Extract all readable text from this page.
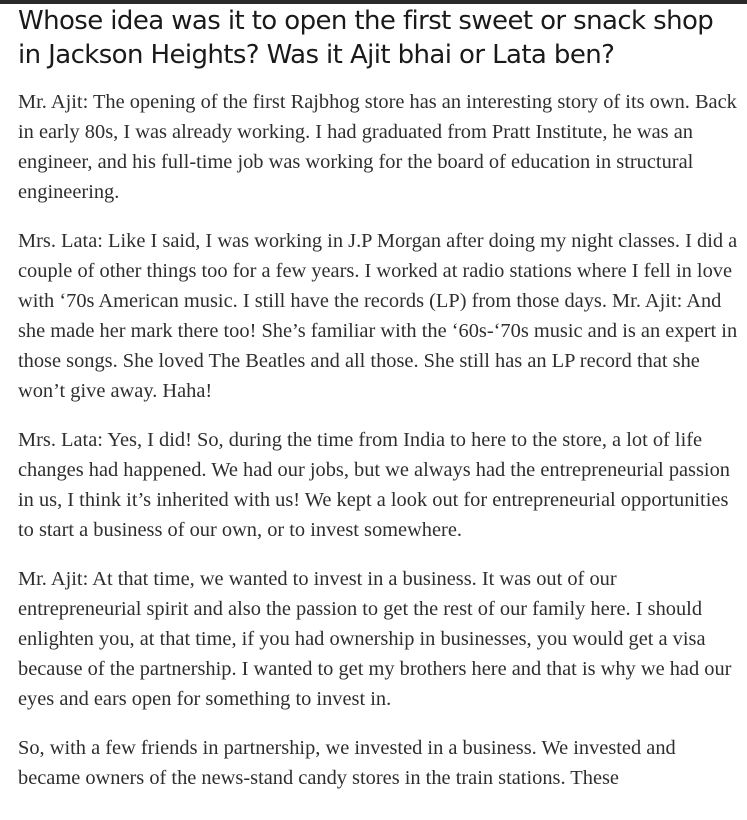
Whose idea was it to open the first sweet or snack shop in Jackson Heights? Was it Ajit bhai or Lata ben?

Mr. Ajit: The opening of the first Rajbhog store has an interesting story of its own. Back in early 80s, I was already working. I had graduated from Pratt Institute, he was an engineer, and his full-time job was working for the board of education in structural engineering.

Mrs. Lata: Like I said, I was working in J.P Morgan after doing my night classes. I did a couple of other things too for a few years. I worked at radio stations where I fell in love with ‘70s American music. I still have the records (LP) from those days. Mr. Ajit: And she made her mark there too! She’s familiar with the ‘60s-‘70s music and is an expert in those songs. She loved The Beatles and all those. She still has an LP record that she won’t give away. Haha!

Mrs. Lata: Yes, I did! So, during the time from India to here to the store, a lot of life changes had happened. We had our jobs, but we always had the entrepreneurial passion in us, I think it’s inherited with us! We kept a look out for entrepreneurial opportunities to start a business of our own, or to invest somewhere.

Mr. Ajit: At that time, we wanted to invest in a business. It was out of our entrepreneurial spirit and also the passion to get the rest of our family here. I should enlighten you, at that time, if you had ownership in businesses, you would get a visa because of the partnership. I wanted to get my brothers here and that is why we had our eyes and ears open for something to invest in.

So, with a few friends in partnership, we invested in a business. We invested and became owners of the news-stand candy stores in the train stations. These
